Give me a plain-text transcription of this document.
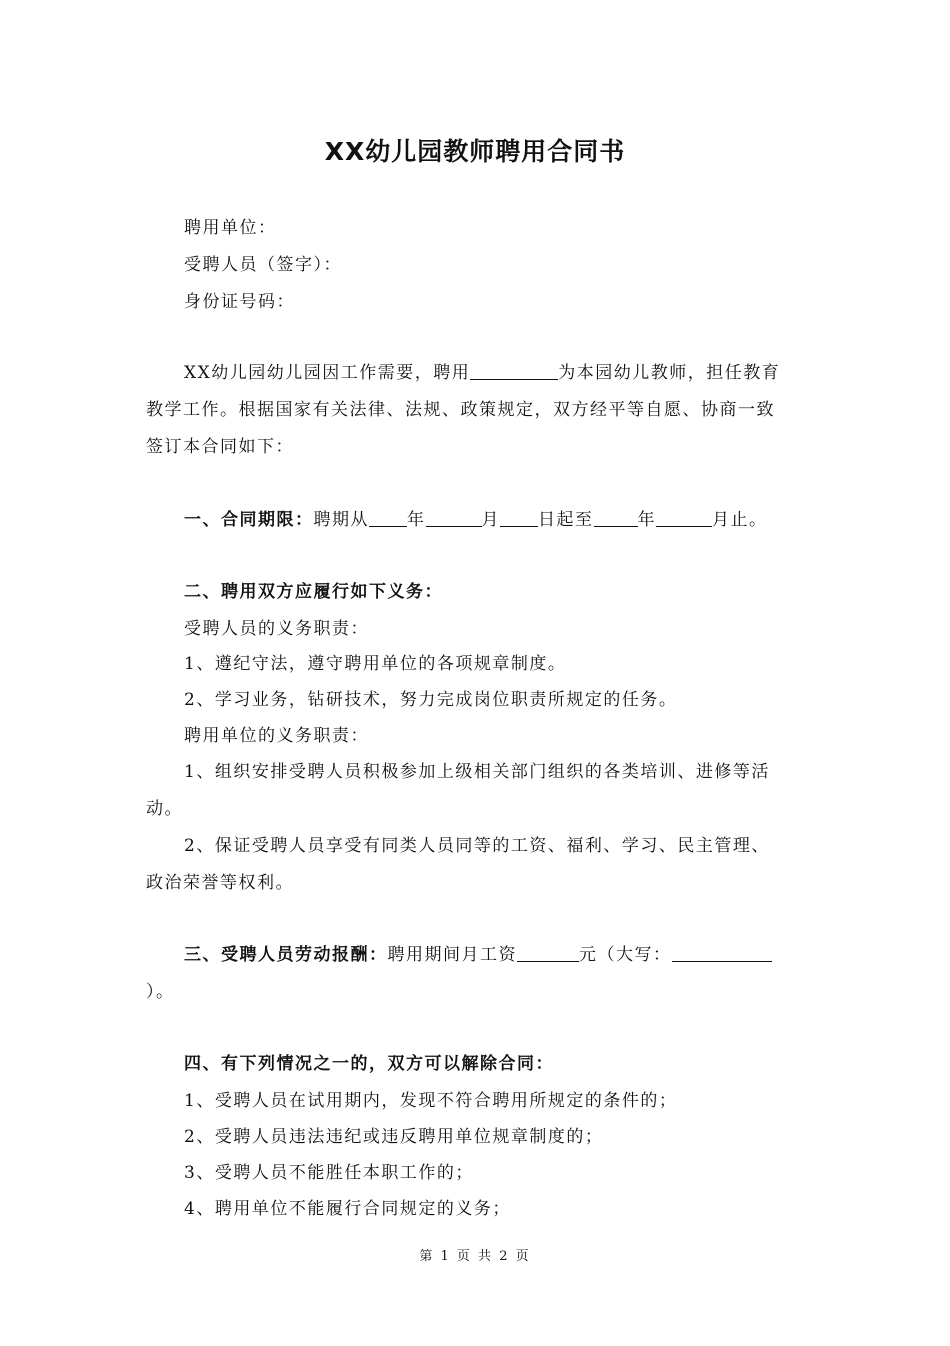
XX幼儿园教师聘用合同书
聘用单位：
受聘人员（签字）：
身份证号码：
XX幼儿园幼儿园因工作需要，聘用	为本园幼儿教师，担任教育
教学工作。根据国家有关法律、法规、政策规定，双方经平等自愿、协商一致
签订本合同如下：
一、合同期限：聘期从 年	月 日起至	年	月止。
二、聘用双方应履行如下义务：
受聘人员的义务职责：
1、遵纪守法，遵守聘用单位的各项规章制度。
2、学习业务，钻研技术，努力完成岗位职责所规定的任务。
聘用单位的义务职责：
1、组织安排受聘人员积极参加上级相关部门组织的各类培训、进修等活
动。
2、保证受聘人员享受有同类人员同等的工资、福利、学习、民主管理、
政治荣誉等权利。
三、受聘人员劳动报酬：聘用期间月工资	元（大写：
）。
四、有下列情况之一的，双方可以解除合同：
1、受聘人员在试用期内，发现不符合聘用所规定的条件的；
2、受聘人员违法违纪或违反聘用单位规章制度的；
3、受聘人员不能胜任本职工作的；
4、聘用单位不能履行合同规定的义务；
第 1 页 共 2 页
